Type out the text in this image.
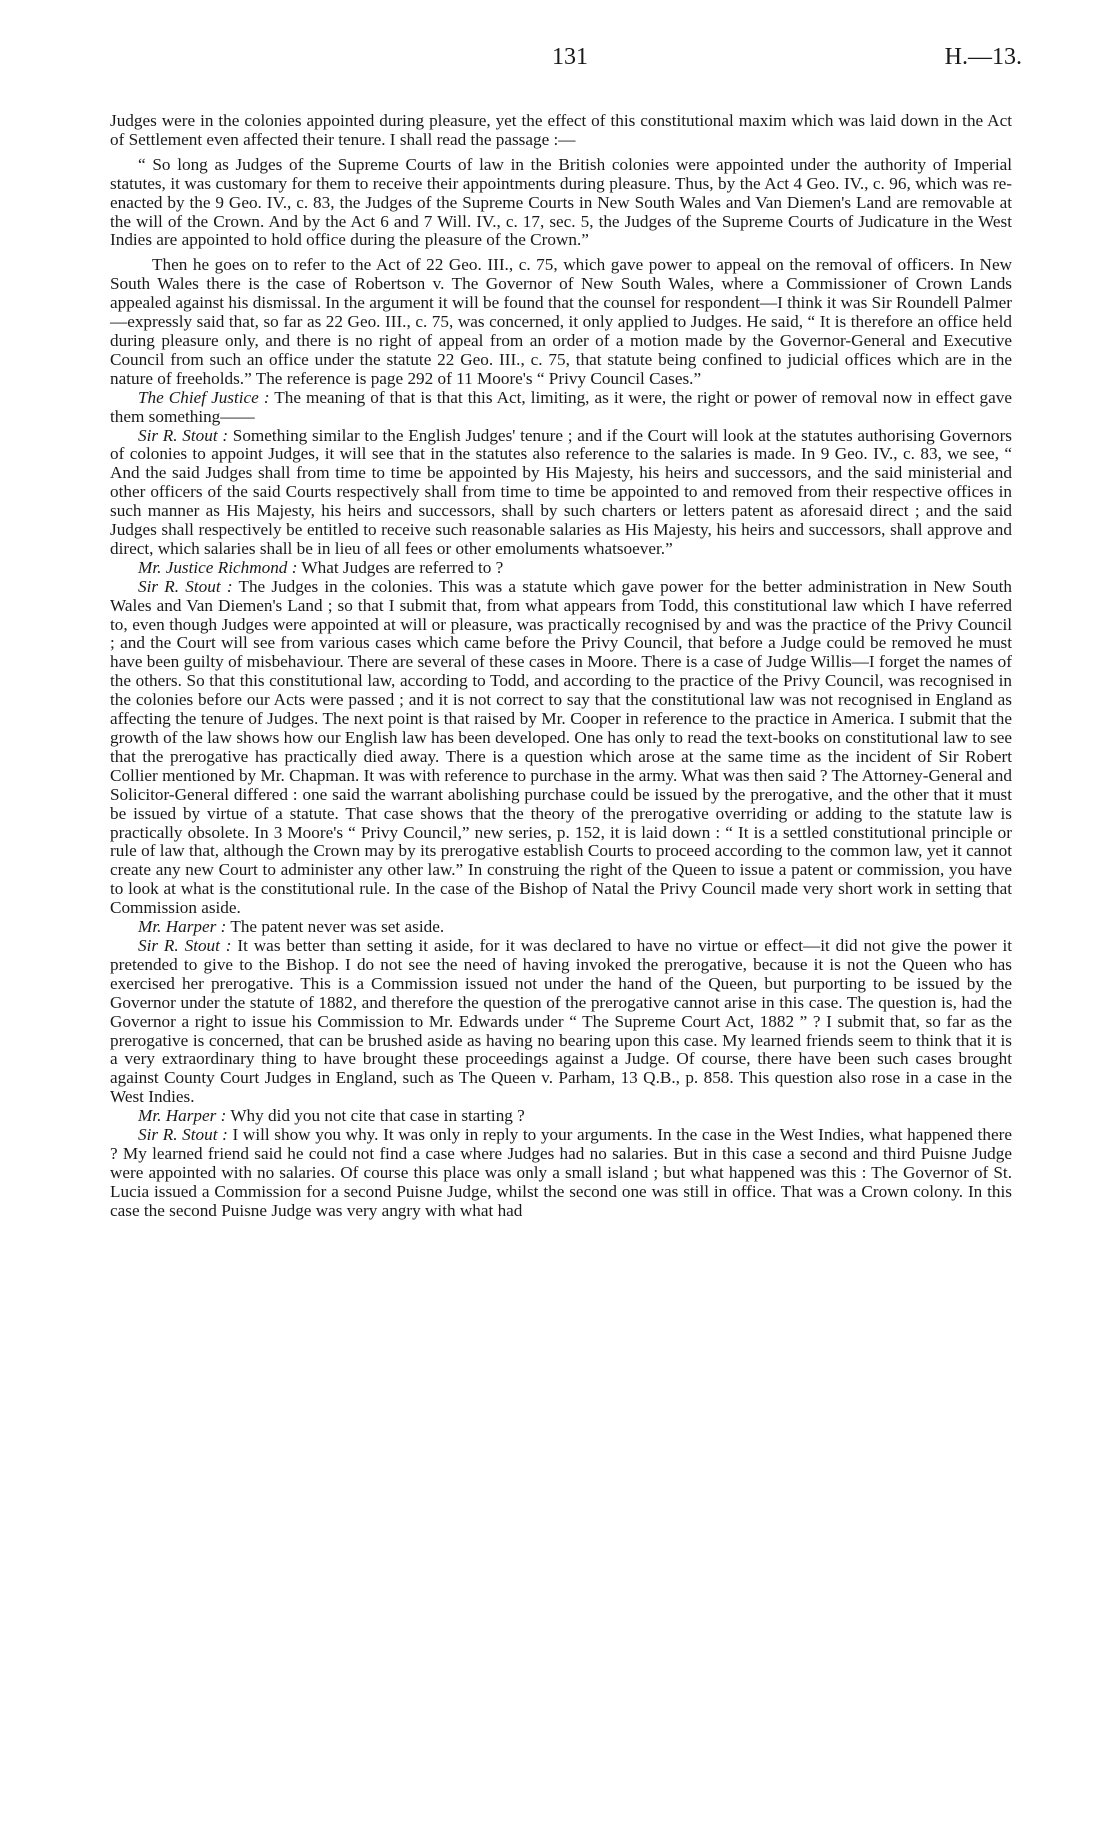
131	H.—13.

Judges were in the colonies appointed during pleasure, yet the effect of this constitutional maxim which was laid down in the Act of Settlement even affected their tenure. I shall read the passage :—

“ So long as Judges of the Supreme Courts of law in the British colonies were appointed under the authority of Imperial statutes, it was customary for them to receive their appointments during pleasure. Thus, by the Act 4 Geo. IV., c. 96, which was re-enacted by the 9 Geo. IV., c. 83, the Judges of the Supreme Courts in New South Wales and Van Diemen's Land are removable at the will of the Crown. And by the Act 6 and 7 Will. IV., c. 17, sec. 5, the Judges of the Supreme Courts of Judicature in the West Indies are appointed to hold office during the pleasure of the Crown.”

Then he goes on to refer to the Act of 22 Geo. III., c. 75, which gave power to appeal on the removal of officers. In New South Wales there is the case of Robertson v. The Governor of New South Wales, where a Commissioner of Crown Lands appealed against his dismissal. In the argument it will be found that the counsel for respondent—I think it was Sir Roundell Palmer—expressly said that, so far as 22 Geo. III., c. 75, was concerned, it only applied to Judges. He said, “ It is therefore an office held during pleasure only, and there is no right of appeal from an order of a motion made by the Governor-General and Executive Council from such an office under the statute 22 Geo. III., c. 75, that statute being confined to judicial offices which are in the nature of freeholds.” The reference is page 292 of 11 Moore's “ Privy Council Cases.”

The Chief Justice : The meaning of that is that this Act, limiting, as it were, the right or power of removal now in effect gave them something——

Sir R. Stout : Something similar to the English Judges' tenure ; and if the Court will look at the statutes authorising Governors of colonies to appoint Judges, it will see that in the statutes also reference to the salaries is made. In 9 Geo. IV., c. 83, we see, “ And the said Judges shall from time to time be appointed by His Majesty, his heirs and successors, and the said ministerial and other officers of the said Courts respectively shall from time to time be appointed to and removed from their respective offices in such manner as His Majesty, his heirs and successors, shall by such charters or letters patent as aforesaid direct ; and the said Judges shall respectively be entitled to receive such reasonable salaries as His Majesty, his heirs and successors, shall approve and direct, which salaries shall be in lieu of all fees or other emoluments whatsoever.”

Mr. Justice Richmond : What Judges are referred to ?

Sir R. Stout : The Judges in the colonies. This was a statute which gave power for the better administration in New South Wales and Van Diemen's Land ; so that I submit that, from what appears from Todd, this constitutional law which I have referred to, even though Judges were appointed at will or pleasure, was practically recognised by and was the practice of the Privy Council ; and the Court will see from various cases which came before the Privy Council, that before a Judge could be removed he must have been guilty of misbehaviour. There are several of these cases in Moore. There is a case of Judge Willis—I forget the names of the others. So that this constitutional law, according to Todd, and according to the practice of the Privy Council, was recognised in the colonies before our Acts were passed ; and it is not correct to say that the constitutional law was not recognised in England as affecting the tenure of Judges. The next point is that raised by Mr. Cooper in reference to the practice in America. I submit that the growth of the law shows how our English law has been developed. One has only to read the text-books on constitutional law to see that the prerogative has practically died away. There is a question which arose at the same time as the incident of Sir Robert Collier mentioned by Mr. Chapman. It was with reference to purchase in the army. What was then said ? The Attorney-General and Solicitor-General differed : one said the warrant abolishing purchase could be issued by the prerogative, and the other that it must be issued by virtue of a statute. That case shows that the theory of the prerogative overriding or adding to the statute law is practically obsolete. In 3 Moore's “ Privy Council,” new series, p. 152, it is laid down : “ It is a settled constitutional principle or rule of law that, although the Crown may by its prerogative establish Courts to proceed according to the common law, yet it cannot create any new Court to administer any other law.” In construing the right of the Queen to issue a patent or commission, you have to look at what is the constitutional rule. In the case of the Bishop of Natal the Privy Council made very short work in setting that Commission aside.

Mr. Harper : The patent never was set aside.

Sir R. Stout : It was better than setting it aside, for it was declared to have no virtue or effect—it did not give the power it pretended to give to the Bishop. I do not see the need of having invoked the prerogative, because it is not the Queen who has exercised her prerogative. This is a Commission issued not under the hand of the Queen, but purporting to be issued by the Governor under the statute of 1882, and therefore the question of the prerogative cannot arise in this case. The question is, had the Governor a right to issue his Commission to Mr. Edwards under “ The Supreme Court Act, 1882 ” ? I submit that, so far as the prerogative is concerned, that can be brushed aside as having no bearing upon this case. My learned friends seem to think that it is a very extraordinary thing to have brought these proceedings against a Judge. Of course, there have been such cases brought against County Court Judges in England, such as The Queen v. Parham, 13 Q.B., p. 858. This question also rose in a case in the West Indies.

Mr. Harper : Why did you not cite that case in starting ?

Sir R. Stout : I will show you why. It was only in reply to your arguments. In the case in the West Indies, what happened there ? My learned friend said he could not find a case where Judges had no salaries. But in this case a second and third Puisne Judge were appointed with no salaries. Of course this place was only a small island ; but what happened was this : The Governor of St. Lucia issued a Commission for a second Puisne Judge, whilst the second one was still in office. That was a Crown colony. In this case the second Puisne Judge was very angry with what had
